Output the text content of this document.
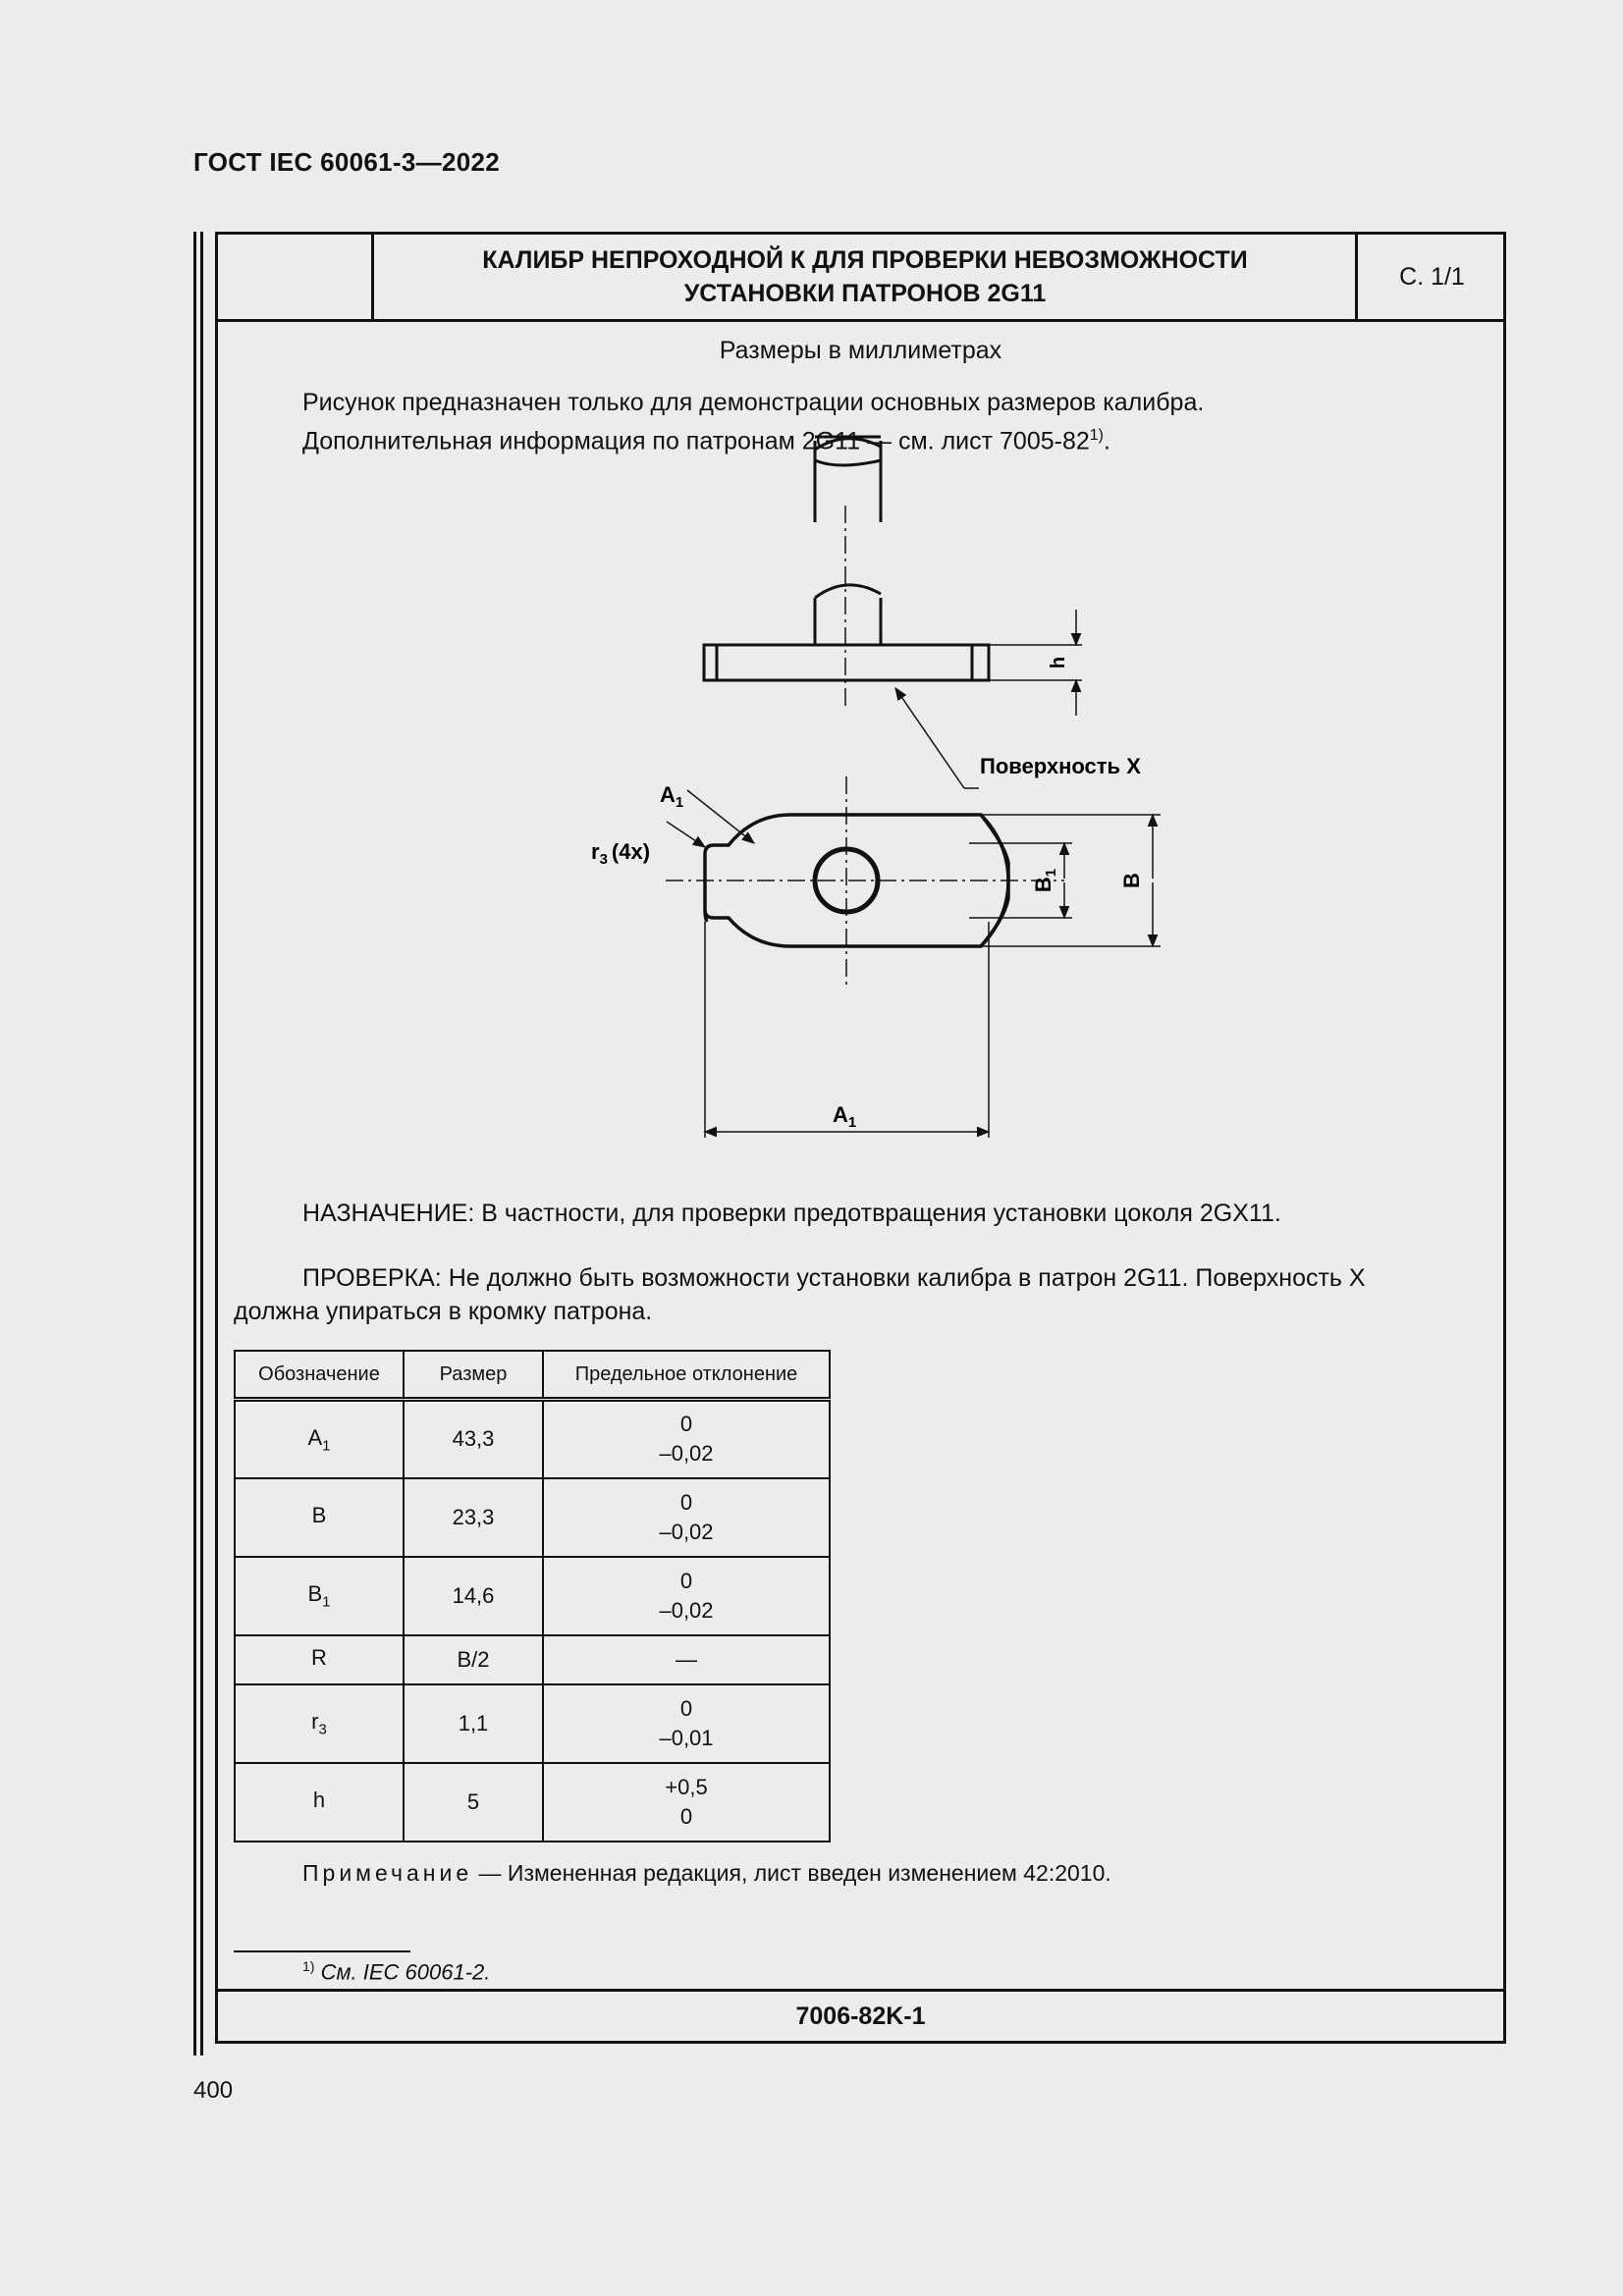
ГОСТ IEC 60061-3—2022
КАЛИБР НЕПРОХОДНОЙ К ДЛЯ ПРОВЕРКИ НЕВОЗМОЖНОСТИ
УСТАНОВКИ ПАТРОНОВ 2G11
С. 1/1
Размеры в миллиметрах
Рисунок предназначен только для демонстрации основных размеров калибра.
Дополнительная информация по патронам 2G11 — см. лист 7005-82$^{1)}$.
h
Поверхность X
$B_1$	B
$A_1$
$A_1$
$r_3$ (4x)
НАЗНАЧЕНИЕ: В частности, для проверки предотвращения установки цоколя 2GX11.
ПРОВЕРКА: Не должно быть возможности установки калибра в патрон 2G11. Поверхность X
должна упираться в кромку патрона.
Обозначение	Размер	Предельное отклонение
$A_1$	43,3	0
–0,02

B	23,3	0
–0,02

$B_1$	14,6	0
–0,02

R	B/2	—

$r_3$	1,1	0
–0,01

h	5	+0,5
0
Примечание — Измененная редакция, лист введен изменением 42:2010.
$^{1)}$ См. IEC 60061-2.
7006-82K-1
400
